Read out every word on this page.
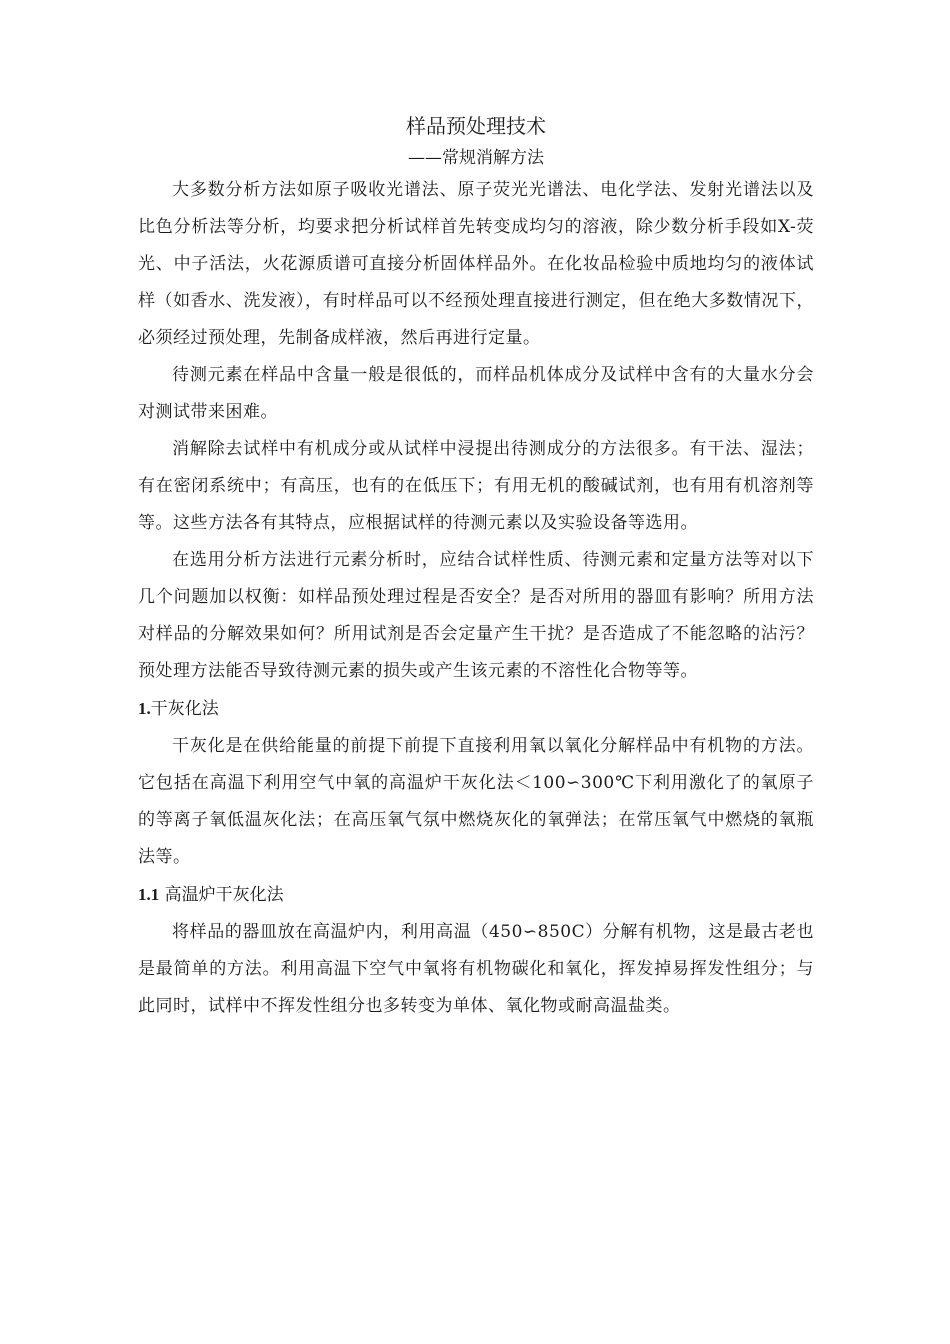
样品预处理技术
——常规消解方法

大多数分析方法如原子吸收光谱法、原子荧光光谱法、电化学法、发射光谱法以及比色分析法等分析，均要求把分析试样首先转变成均匀的溶液，除少数分析手段如X-荧光、中子活法，火花源质谱可直接分析固体样品外。在化妆品检验中质地均匀的液体试样（如香水、洗发液），有时样品可以不经预处理直接进行测定，但在绝大多数情况下，必须经过预处理，先制备成样液，然后再进行定量。

待测元素在样品中含量一般是很低的，而样品机体成分及试样中含有的大量水分会对测试带来困难。

消解除去试样中有机成分或从试样中浸提出待测成分的方法很多。有干法、湿法；有在密闭系统中；有高压，也有的在低压下；有用无机的酸碱试剂，也有用有机溶剂等等。这些方法各有其特点，应根据试样的待测元素以及实验设备等选用。

在选用分析方法进行元素分析时，应结合试样性质、待测元素和定量方法等对以下几个问题加以权衡：如样品预处理过程是否安全？是否对所用的器皿有影响？所用方法对样品的分解效果如何？所用试剂是否会定量产生干扰？是否造成了不能忽略的沾污？预处理方法能否导致待测元素的损失或产生该元素的不溶性化合物等等。

1.干灰化法

干灰化是在供给能量的前提下前提下直接利用氧以氧化分解样品中有机物的方法。它包括在高温下利用空气中氧的高温炉干灰化法＜100∽300℃下利用激化了的氧原子的等离子氧低温灰化法；在高压氧气氛中燃烧灰化的氧弹法；在常压氧气中燃烧的氧瓶法等。

1.1 高温炉干灰化法

将样品的器皿放在高温炉内，利用高温（450∽850C）分解有机物，这是最古老也是最简单的方法。利用高温下空气中氧将有机物碳化和氧化，挥发掉易挥发性组分；与此同时，试样中不挥发性组分也多转变为单体、氧化物或耐高温盐类。
